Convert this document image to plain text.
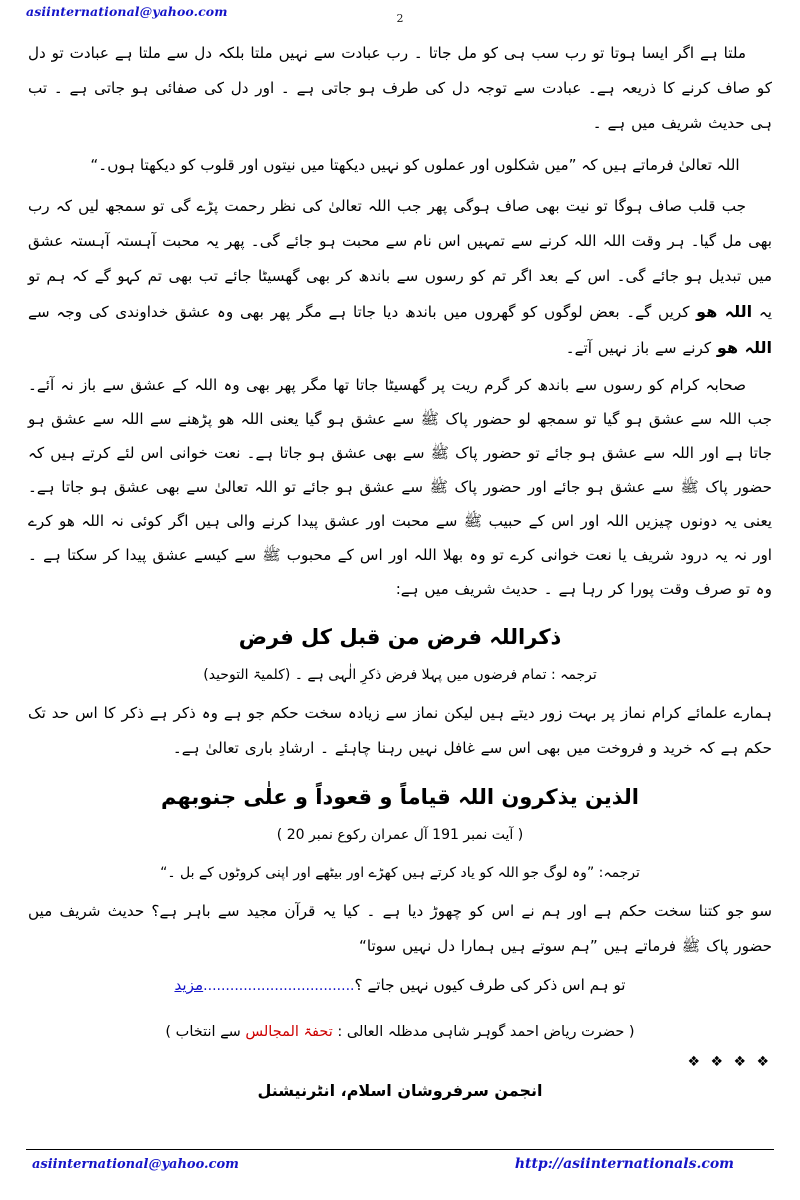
asiinternational@yahoo.com	2

ملتا ہے اگر ایسا ہوتا تو رب سب ہی کو مل جاتا ۔ رب عبادت سے نہیں ملتا بلکہ دل سے ملتا ہے عبادت تو دل کو صاف کرنے کا ذریعہ ہے۔ عبادت سے توجہ دل کی طرف ہو جاتی ہے ۔ اور دل کی صفائی ہو جاتی ہے ۔ تب ہی حدیث شریف میں ہے ۔

اللہ تعالیٰ فرماتے ہیں کہ ”میں شکلوں اور عملوں کو نہیں دیکھتا میں نیتوں اور قلوب کو دیکھتا ہوں۔“

جب قلب صاف ہوگا تو نیت بھی صاف ہوگی پھر جب اللہ تعالیٰ کی نظر رحمت پڑے گی تو سمجھ لیں کہ رب بھی مل گیا۔ ہر وقت اللہ اللہ کرنے سے تمہیں اس نام سے محبت ہو جائے گی۔ پھر یہ محبت آہستہ آہستہ عشق میں تبدیل ہو جائے گی۔ اس کے بعد اگر تم کو رسوں سے باندھ کر بھی گھسیٹا جائے تب بھی تم کہو گے کہ ہم تو یہ اللہ ھو کریں گے۔ بعض لوگوں کو گھروں میں باندھ دیا جاتا ہے مگر پھر بھی وہ عشق خداوندی کی وجہ سے اللہ ھو کرنے سے باز نہیں آتے۔

صحابہ کرام کو رسوں سے باندھ کر گرم ریت پر گھسیٹا جاتا تھا مگر پھر بھی وہ اللہ کے عشق سے باز نہ آئے۔ جب اللہ سے عشق ہو گیا تو سمجھ لو حضور پاک ﷺ سے عشق ہو گیا یعنی اللہ ھو پڑھنے سے اللہ سے عشق ہو جاتا ہے اور اللہ سے عشق ہو جائے تو حضور پاک ﷺ سے بھی عشق ہو جاتا ہے۔ نعت خوانی اس لئے کرتے ہیں کہ حضور پاک ﷺ سے عشق ہو جائے اور حضور پاک ﷺ سے عشق ہو جائے تو اللہ تعالیٰ سے بھی عشق ہو جاتا ہے۔ یعنی یہ دونوں چیزیں اللہ اور اس کے حبیب ﷺ سے محبت اور عشق پیدا کرنے والی ہیں اگر کوئی نہ اللہ ھو کرے اور نہ یہ درود شریف یا نعت خوانی کرے تو وہ بھلا اللہ اور اس کے محبوب ﷺ سے کیسے عشق پیدا کر سکتا ہے ۔ وہ تو صرف وقت پورا کر رہا ہے ۔ حدیث شریف میں ہے:

ذکراللہ فرض من قبل کل فرض

ترجمہ : تمام فرضوں میں پہلا فرض ذکرِ الٰہی ہے ۔ (کلمیۃ التوحید)

ہمارے علمائے کرام نماز پر بہت زور دیتے ہیں لیکن نماز سے زیادہ سخت حکم جو ہے وہ ذکر ہے ذکر کا اس حد تک حکم ہے کہ خرید و فروخت میں بھی اس سے غافل نہیں رہنا چاہئے ۔ ارشادِ باری تعالیٰ ہے۔

الذین یذکرون اللہ قیاماً و قعوداً و علٰی جنوبھم

( آیت نمبر 191 آل عمران رکوع نمبر 20 )

ترجمہ: ”وہ لوگ جو اللہ کو یاد کرتے ہیں کھڑے اور بیٹھے اور اپنی کروٹوں کے بل ۔“

سو جو کتنا سخت حکم ہے اور ہم نے اس کو چھوڑ دیا ہے ۔ کیا یہ قرآن مجید سے باہر ہے؟ حدیث شریف میں حضور پاک ﷺ فرماتے ہیں ”ہم سوتے ہیں ہمارا دل نہیں سوتا“

تو ہم اس ذکر کی طرف کیوں نہیں جاتے ؟..................................مزید

( حضرت ریاض احمد گوہر شاہی مدظلہ العالی : تحفۃ المجالس سے انتخاب )

❖ ❖ ❖ ❖

انجمن سرفروشان اسلام، انٹرنیشنل

asiinternational@yahoo.com	http://asiinternationals.com
